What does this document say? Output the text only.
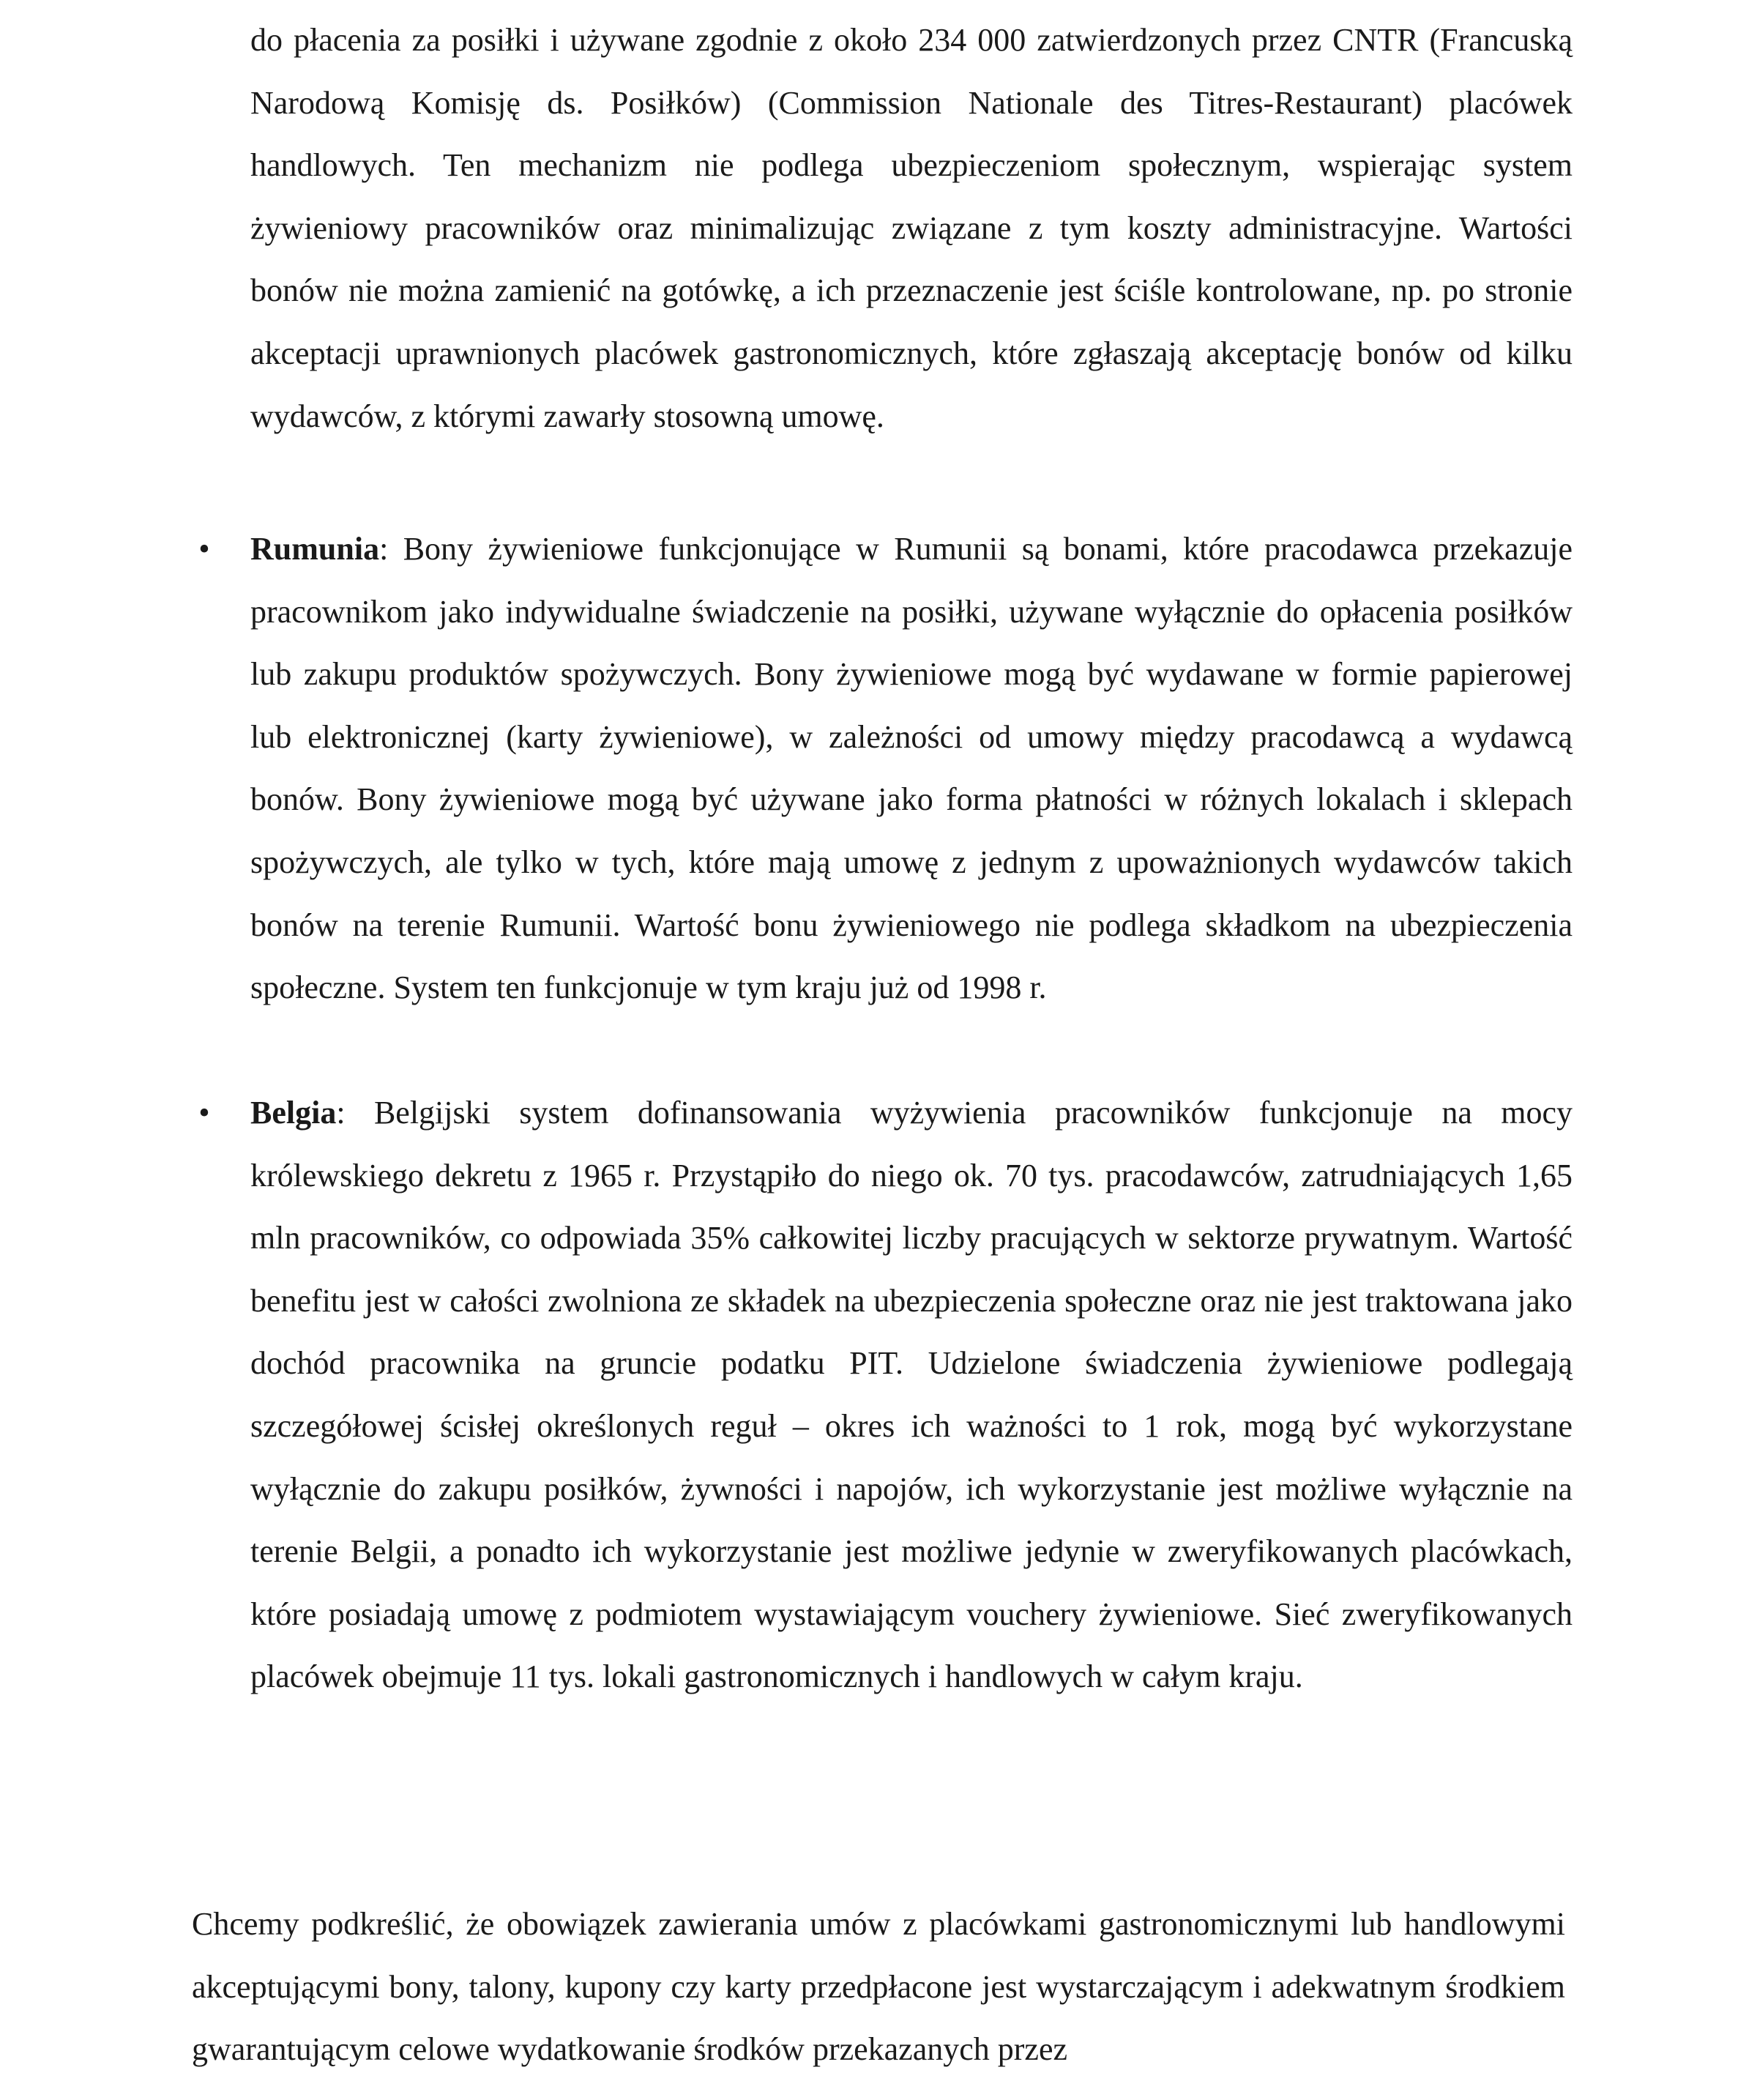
do płacenia za posiłki i używane zgodnie z około 234 000 zatwierdzonych przez CNTR (Francuską Narodową Komisję ds. Posiłków) (Commission Nationale des Titres-Restaurant) placówek handlowych. Ten mechanizm nie podlega ubezpieczeniom społecznym, wspierając system żywieniowy pracowników oraz minimalizując związane z tym koszty administracyjne. Wartości bonów nie można zamienić na gotówkę, a ich przeznaczenie jest ściśle kontrolowane, np. po stronie akceptacji uprawnionych placówek gastronomicznych, które zgłaszają akceptację bonów od kilku wydawców, z którymi zawarły stosowną umowę.

• Rumunia: Bony żywieniowe funkcjonujące w Rumunii są bonami, które pracodawca przekazuje pracownikom jako indywidualne świadczenie na posiłki, używane wyłącznie do opłacenia posiłków lub zakupu produktów spożywczych. Bony żywieniowe mogą być wydawane w formie papierowej lub elektronicznej (karty żywieniowe), w zależności od umowy między pracodawcą a wydawcą bonów. Bony żywieniowe mogą być używane jako forma płatności w różnych lokalach i sklepach spożywczych, ale tylko w tych, które mają umowę z jednym z upoważnionych wydawców takich bonów na terenie Rumunii. Wartość bonu żywieniowego nie podlega składkom na ubezpieczenia społeczne. System ten funkcjonuje w tym kraju już od 1998 r.

• Belgia: Belgijski system dofinansowania wyżywienia pracowników funkcjonuje na mocy królewskiego dekretu z 1965 r. Przystąpiło do niego ok. 70 tys. pracodawców, zatrudniających 1,65 mln pracowników, co odpowiada 35% całkowitej liczby pracujących w sektorze prywatnym. Wartość benefitu jest w całości zwolniona ze składek na ubezpieczenia społeczne oraz nie jest traktowana jako dochód pracownika na gruncie podatku PIT. Udzielone świadczenia żywieniowe podlegają szczegółowej ścisłej określonych reguł – okres ich ważności to 1 rok, mogą być wykorzystane wyłącznie do zakupu posiłków, żywności i napojów, ich wykorzystanie jest możliwe wyłącznie na terenie Belgii, a ponadto ich wykorzystanie jest możliwe jedynie w zweryfikowanych placówkach, które posiadają umowę z podmiotem wystawiającym vouchery żywieniowe. Sieć zweryfikowanych placówek obejmuje 11 tys. lokali gastronomicznych i handlowych w całym kraju.

Chcemy podkreślić, że obowiązek zawierania umów z placówkami gastronomicznymi lub handlowymi akceptującymi bony, talony, kupony czy karty przedpłacone jest wystarczającym i adekwatnym środkiem gwarantującym celowe wydatkowanie środków przekazanych przez
